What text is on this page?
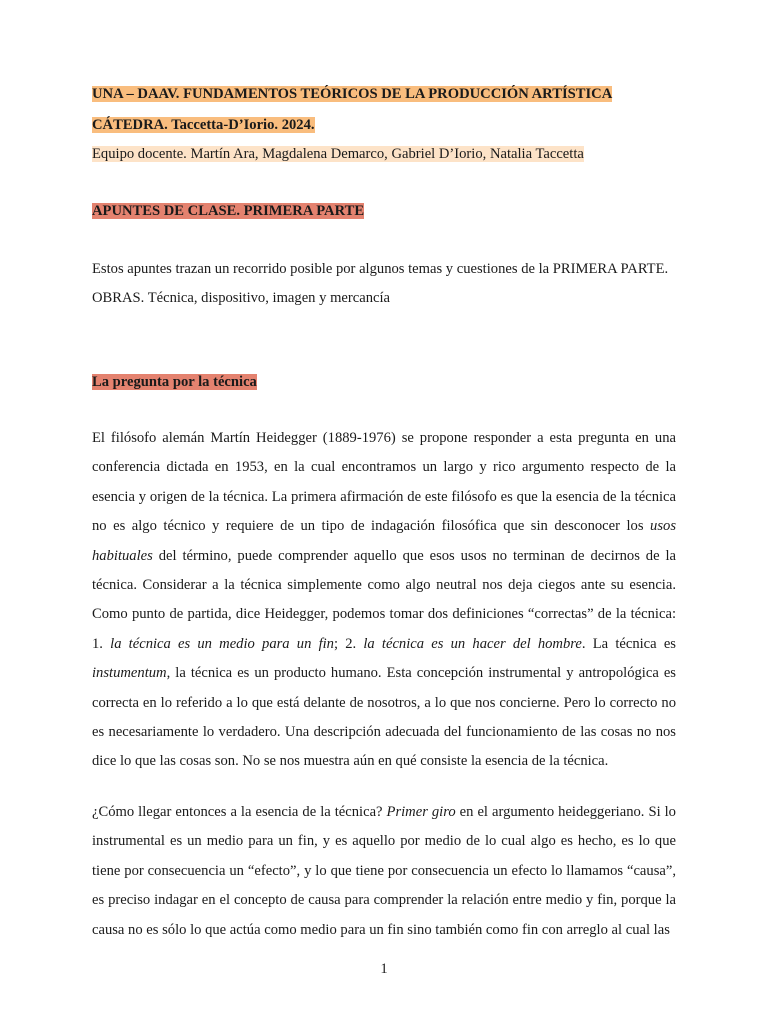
UNA – DAAV. FUNDAMENTOS TEÓRICOS DE LA PRODUCCIÓN ARTÍSTICA
CÁTEDRA. Taccetta-D’Iorio. 2024.
Equipo docente. Martín Ara, Magdalena Demarco, Gabriel D’Iorio, Natalia Taccetta
APUNTES DE CLASE. PRIMERA PARTE
Estos apuntes trazan un recorrido posible por algunos temas y cuestiones de la PRIMERA PARTE.
OBRAS. Técnica, dispositivo, imagen y mercancía
La pregunta por la técnica

El filósofo alemán Martín Heidegger (1889-1976) se propone responder a esta pregunta en una conferencia dictada en 1953, en la cual encontramos un largo y rico argumento respecto de la esencia y origen de la técnica. La primera afirmación de este filósofo es que la esencia de la técnica no es algo técnico y requiere de un tipo de indagación filosófica que sin desconocer los usos habituales del término, puede comprender aquello que esos usos no terminan de decirnos de la técnica. Considerar a la técnica simplemente como algo neutral nos deja ciegos ante su esencia. Como punto de partida, dice Heidegger, podemos tomar dos definiciones “correctas” de la técnica: 1. la técnica es un medio para un fin; 2. la técnica es un hacer del hombre. La técnica es instumentum, la técnica es un producto humano. Esta concepción instrumental y antropológica es correcta en lo referido a lo que está delante de nosotros, a lo que nos concierne. Pero lo correcto no es necesariamente lo verdadero. Una descripción adecuada del funcionamiento de las cosas no nos dice lo que las cosas son. No se nos muestra aún en qué consiste la esencia de la técnica.

¿Cómo llegar entonces a la esencia de la técnica? Primer giro en el argumento heideggeriano. Si lo instrumental es un medio para un fin, y es aquello por medio de lo cual algo es hecho, es lo que tiene por consecuencia un “efecto”, y lo que tiene por consecuencia un efecto lo llamamos “causa”, es preciso indagar en el concepto de causa para comprender la relación entre medio y fin, porque la causa no es sólo lo que actúa como medio para un fin sino también como fin con arreglo al cual las

1
